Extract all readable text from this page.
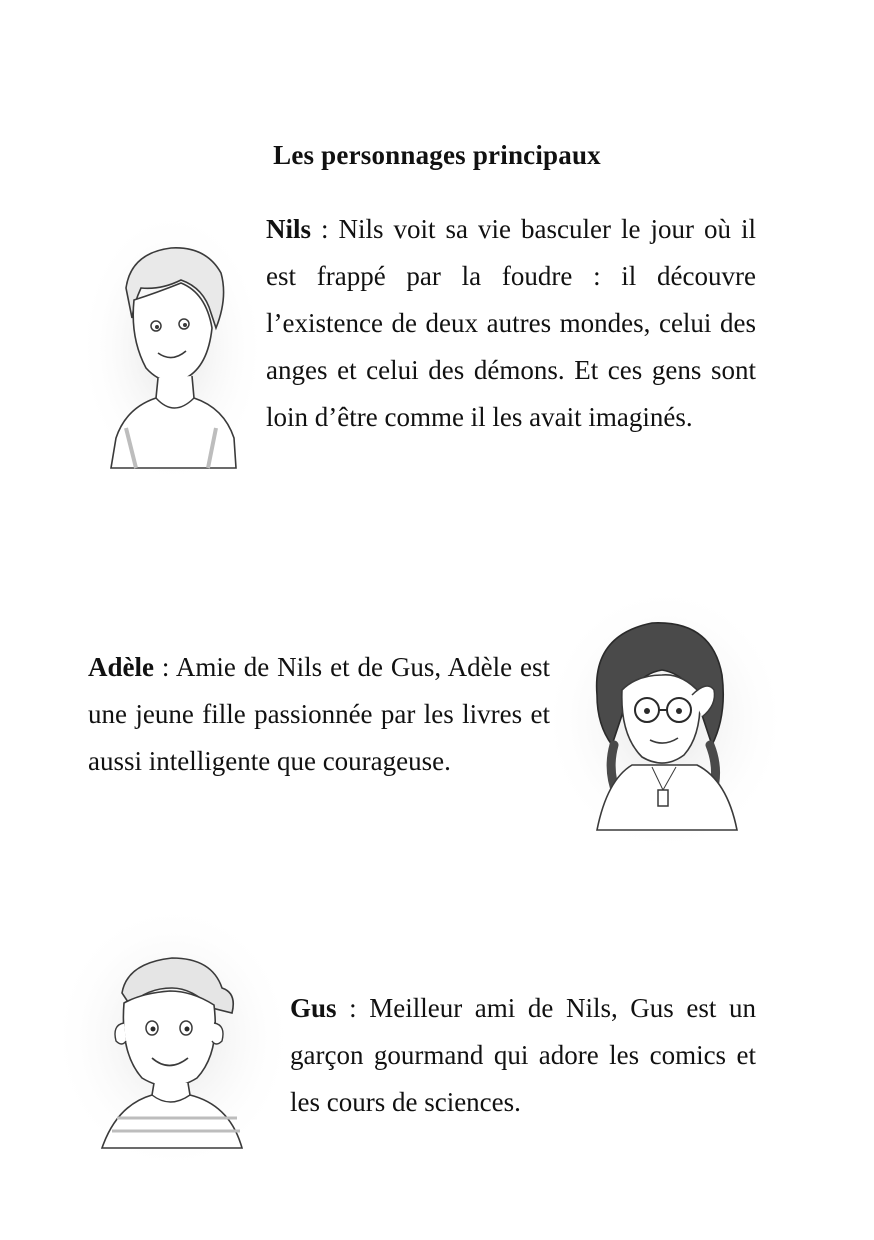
Les personnages principaux

Nils : Nils voit sa vie basculer le jour où il est frappé par la foudre : il découvre l’existence de deux autres mondes, celui des anges et celui des démons. Et ces gens sont loin d’être comme il les avait imaginés.

Adèle : Amie de Nils et de Gus, Adèle est une jeune fille passionnée par les livres et aussi intelligente que courageuse.

Gus : Meilleur ami de Nils, Gus est un garçon gourmand qui adore les comics et les cours de sciences.
